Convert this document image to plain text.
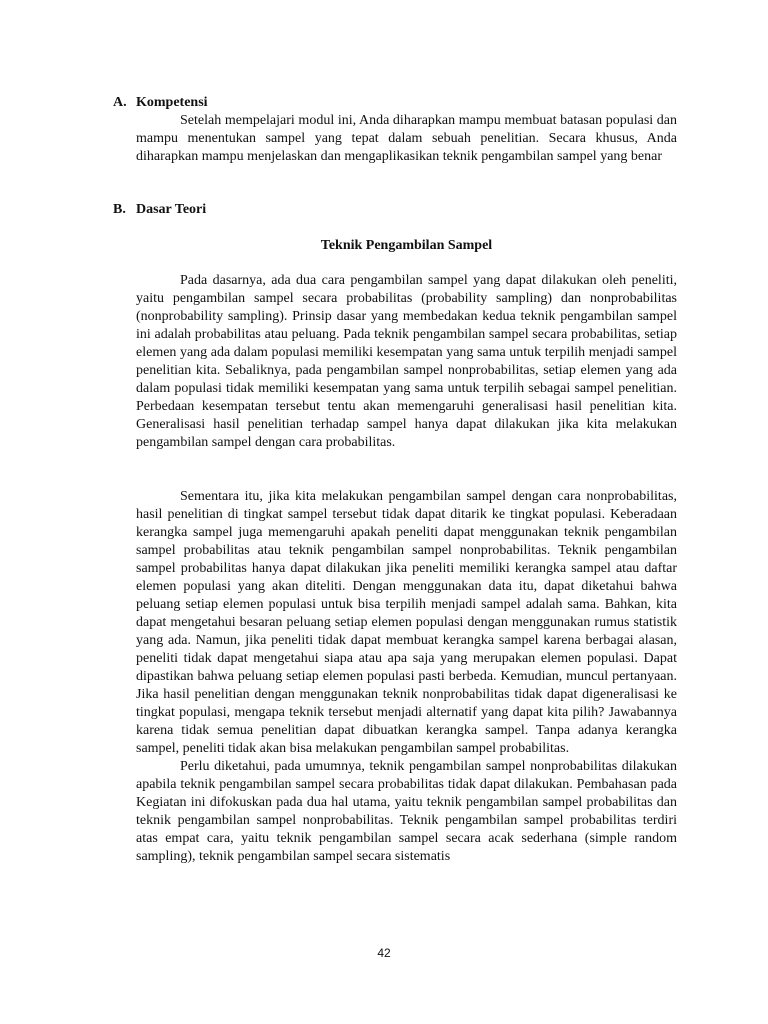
A. Kompetensi

Setelah mempelajari modul ini, Anda diharapkan mampu membuat batasan populasi dan mampu menentukan sampel yang tepat dalam sebuah penelitian. Secara khusus, Anda diharapkan mampu menjelaskan dan mengaplikasikan teknik pengambilan sampel yang benar

B. Dasar Teori
Teknik Pengambilan Sampel

Pada dasarnya, ada dua cara pengambilan sampel yang dapat dilakukan oleh peneliti, yaitu pengambilan sampel secara probabilitas (probability sampling) dan nonprobabilitas (nonprobability sampling). Prinsip dasar yang membedakan kedua teknik pengambilan sampel ini adalah probabilitas atau peluang. Pada teknik pengambilan sampel secara probabilitas, setiap elemen yang ada dalam populasi memiliki kesempatan yang sama untuk terpilih menjadi sampel penelitian kita. Sebaliknya, pada pengambilan sampel nonprobabilitas, setiap elemen yang ada dalam populasi tidak memiliki kesempatan yang sama untuk terpilih sebagai sampel penelitian. Perbedaan kesempatan tersebut tentu akan memengaruhi generalisasi hasil penelitian kita. Generalisasi hasil penelitian terhadap sampel hanya dapat dilakukan jika kita melakukan pengambilan sampel dengan cara probabilitas.

Sementara itu, jika kita melakukan pengambilan sampel dengan cara nonprobabilitas, hasil penelitian di tingkat sampel tersebut tidak dapat ditarik ke tingkat populasi. Keberadaan kerangka sampel juga memengaruhi apakah peneliti dapat menggunakan teknik pengambilan sampel probabilitas atau teknik pengambilan sampel nonprobabilitas. Teknik pengambilan sampel probabilitas hanya dapat dilakukan jika peneliti memiliki kerangka sampel atau daftar elemen populasi yang akan diteliti. Dengan menggunakan data itu, dapat diketahui bahwa peluang setiap elemen populasi untuk bisa terpilih menjadi sampel adalah sama. Bahkan, kita dapat mengetahui besaran peluang setiap elemen populasi dengan menggunakan rumus statistik yang ada. Namun, jika peneliti tidak dapat membuat kerangka sampel karena berbagai alasan, peneliti tidak dapat mengetahui siapa atau apa saja yang merupakan elemen populasi. Dapat dipastikan bahwa peluang setiap elemen populasi pasti berbeda. Kemudian, muncul pertanyaan. Jika hasil penelitian dengan menggunakan teknik nonprobabilitas tidak dapat digeneralisasi ke tingkat populasi, mengapa teknik tersebut menjadi alternatif yang dapat kita pilih? Jawabannya karena tidak semua penelitian dapat dibuatkan kerangka sampel. Tanpa adanya kerangka sampel, peneliti tidak akan bisa melakukan pengambilan sampel probabilitas.

Perlu diketahui, pada umumnya, teknik pengambilan sampel nonprobabilitas dilakukan apabila teknik pengambilan sampel secara probabilitas tidak dapat dilakukan. Pembahasan pada Kegiatan ini difokuskan pada dua hal utama, yaitu teknik pengambilan sampel probabilitas dan teknik pengambilan sampel nonprobabilitas. Teknik pengambilan sampel probabilitas terdiri atas empat cara, yaitu teknik pengambilan sampel secara acak sederhana (simple random sampling), teknik pengambilan sampel secara sistematis

42
